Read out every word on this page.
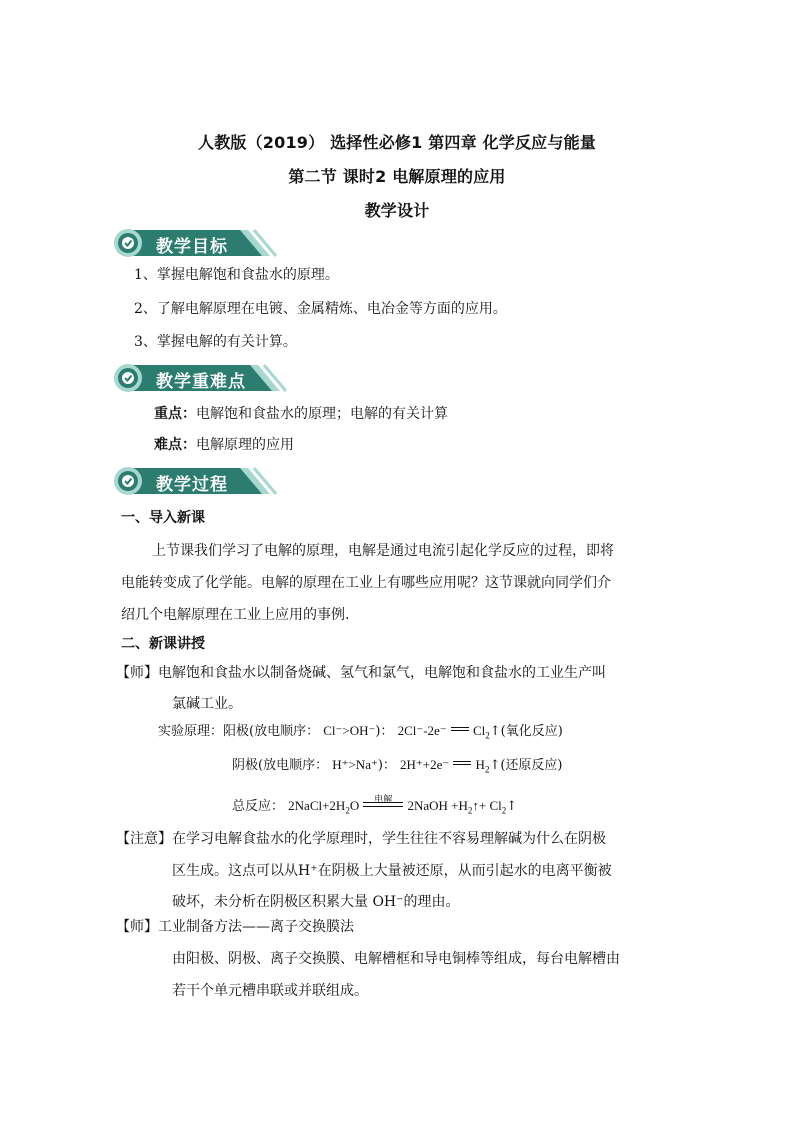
人教版（2019） 选择性必修1 第四章 化学反应与能量
第二节 课时2 电解原理的应用
教学设计
教学目标
1、掌握电解饱和食盐水的原理。
2、了解电解原理在电镀、金属精炼、电冶金等方面的应用。
3、掌握电解的有关计算。
教学重难点
重点：电解饱和食盐水的原理；电解的有关计算
难点：电解原理的应用
教学过程
一、导入新课
上节课我们学习了电解的原理，电解是通过电流引起化学反应的过程，即将
电能转变成了化学能。电解的原理在工业上有哪些应用呢？这节课就向同学们介
绍几个电解原理在工业上应用的事例.
二、新课讲授
【师】电解饱和食盐水以制备烧碱、氢气和氯气，电解饱和食盐水的工业生产叫
氯碱工业。
实验原理：阳极(放电顺序： Cl⁻>OH⁻)： 2Cl⁻-2e⁻ $Cl_2↑$(氧化反应)
阴极(放电顺序： H⁺>Na⁺)： 2H⁺+2e⁻ $H_2↑$(还原反应)
总反应： $2NaCl+2H_2O$	电解	2NaOH $+H_2↑+$ $Cl_2↑$
【注意】在学习电解食盐水的化学原理时，学生往往不容易理解碱为什么在阴极
区生成。这点可以从H⁺在阴极上大量被还原，从而引起水的电离平衡被
破坏，未分析在阴极区积累大量 OH⁻的理由。
【师】工业制备方法——离子交换膜法
由阳极、阴极、离子交换膜、电解槽框和导电铜棒等组成，每台电解槽由
若干个单元槽串联或并联组成。
